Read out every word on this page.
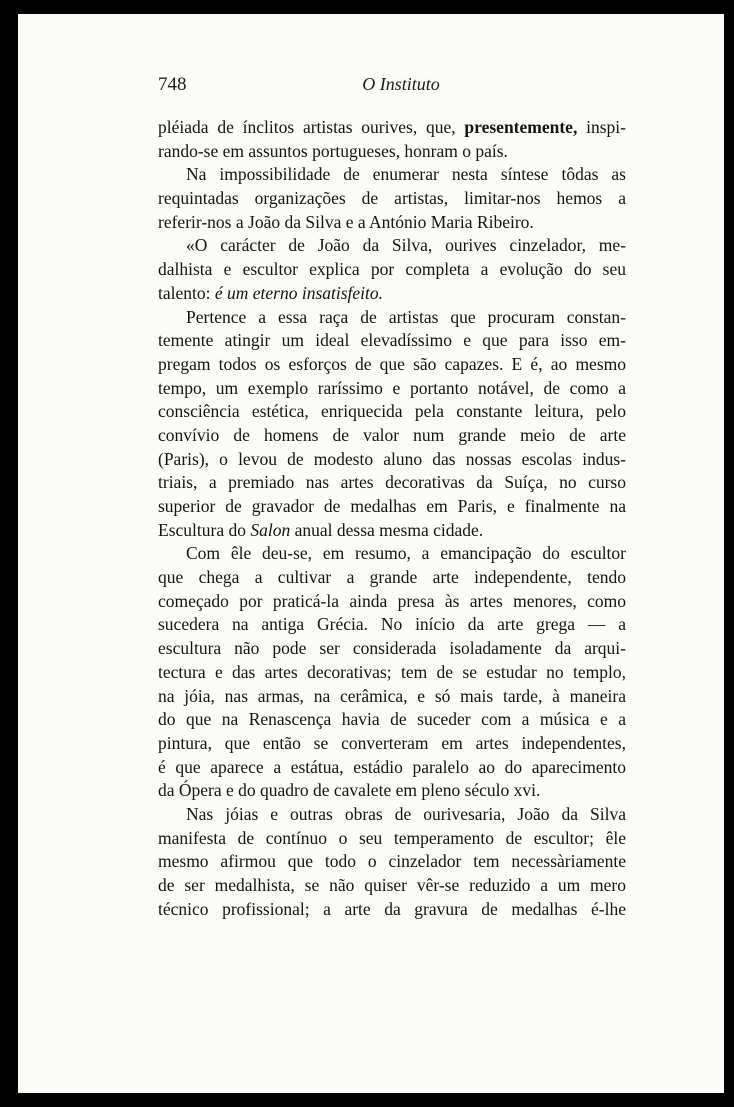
748	O Instituto
pléiada de ínclitos artistas ourives, que, presentemente, inspi-
rando-se em assuntos portugueses, honram o país.
Na impossibilidade de enumerar nesta síntese tôdas as
requintadas organizações de artistas, limitar-nos hemos a
referir-nos a João da Silva e a António Maria Ribeiro.
«O carácter de João da Silva, ourives cinzelador, me-
dalhista e escultor explica por completa a evolução do seu
talento: é um eterno insatisfeito.
Pertence a essa raça de artistas que procuram constan-
temente atingir um ideal elevadíssimo e que para isso em-
pregam todos os esforços de que são capazes. E é, ao mesmo
tempo, um exemplo raríssimo e portanto notável, de como a
consciência estética, enriquecida pela constante leitura, pelo
convívio de homens de valor num grande meio de arte
(Paris), o levou de modesto aluno das nossas escolas indus-
triais, a premiado nas artes decorativas da Suíça, no curso
superior de gravador de medalhas em Paris, e finalmente na
Escultura do Salon anual dessa mesma cidade.
Com êle deu-se, em resumo, a emancipação do escultor
que chega a cultivar a grande arte independente, tendo
começado por praticá-la ainda presa às artes menores, como
sucedera na antiga Grécia. No início da arte grega — a
escultura não pode ser considerada isoladamente da arqui-
tectura e das artes decorativas; tem de se estudar no templo,
na jóia, nas armas, na cerâmica, e só mais tarde, à maneira
do que na Renascença havia de suceder com a música e a
pintura, que então se converteram em artes independentes,
é que aparece a estátua, estádio paralelo ao do aparecimento
da Ópera e do quadro de cavalete em pleno século xvi.
Nas jóias e outras obras de ourivesaria, João da Silva
manifesta de contínuo o seu temperamento de escultor; êle
mesmo afirmou que todo o cinzelador tem necessàriamente
de ser medalhista, se não quiser vêr-se reduzido a um mero
técnico profissional; a arte da gravura de medalhas é-lhe
